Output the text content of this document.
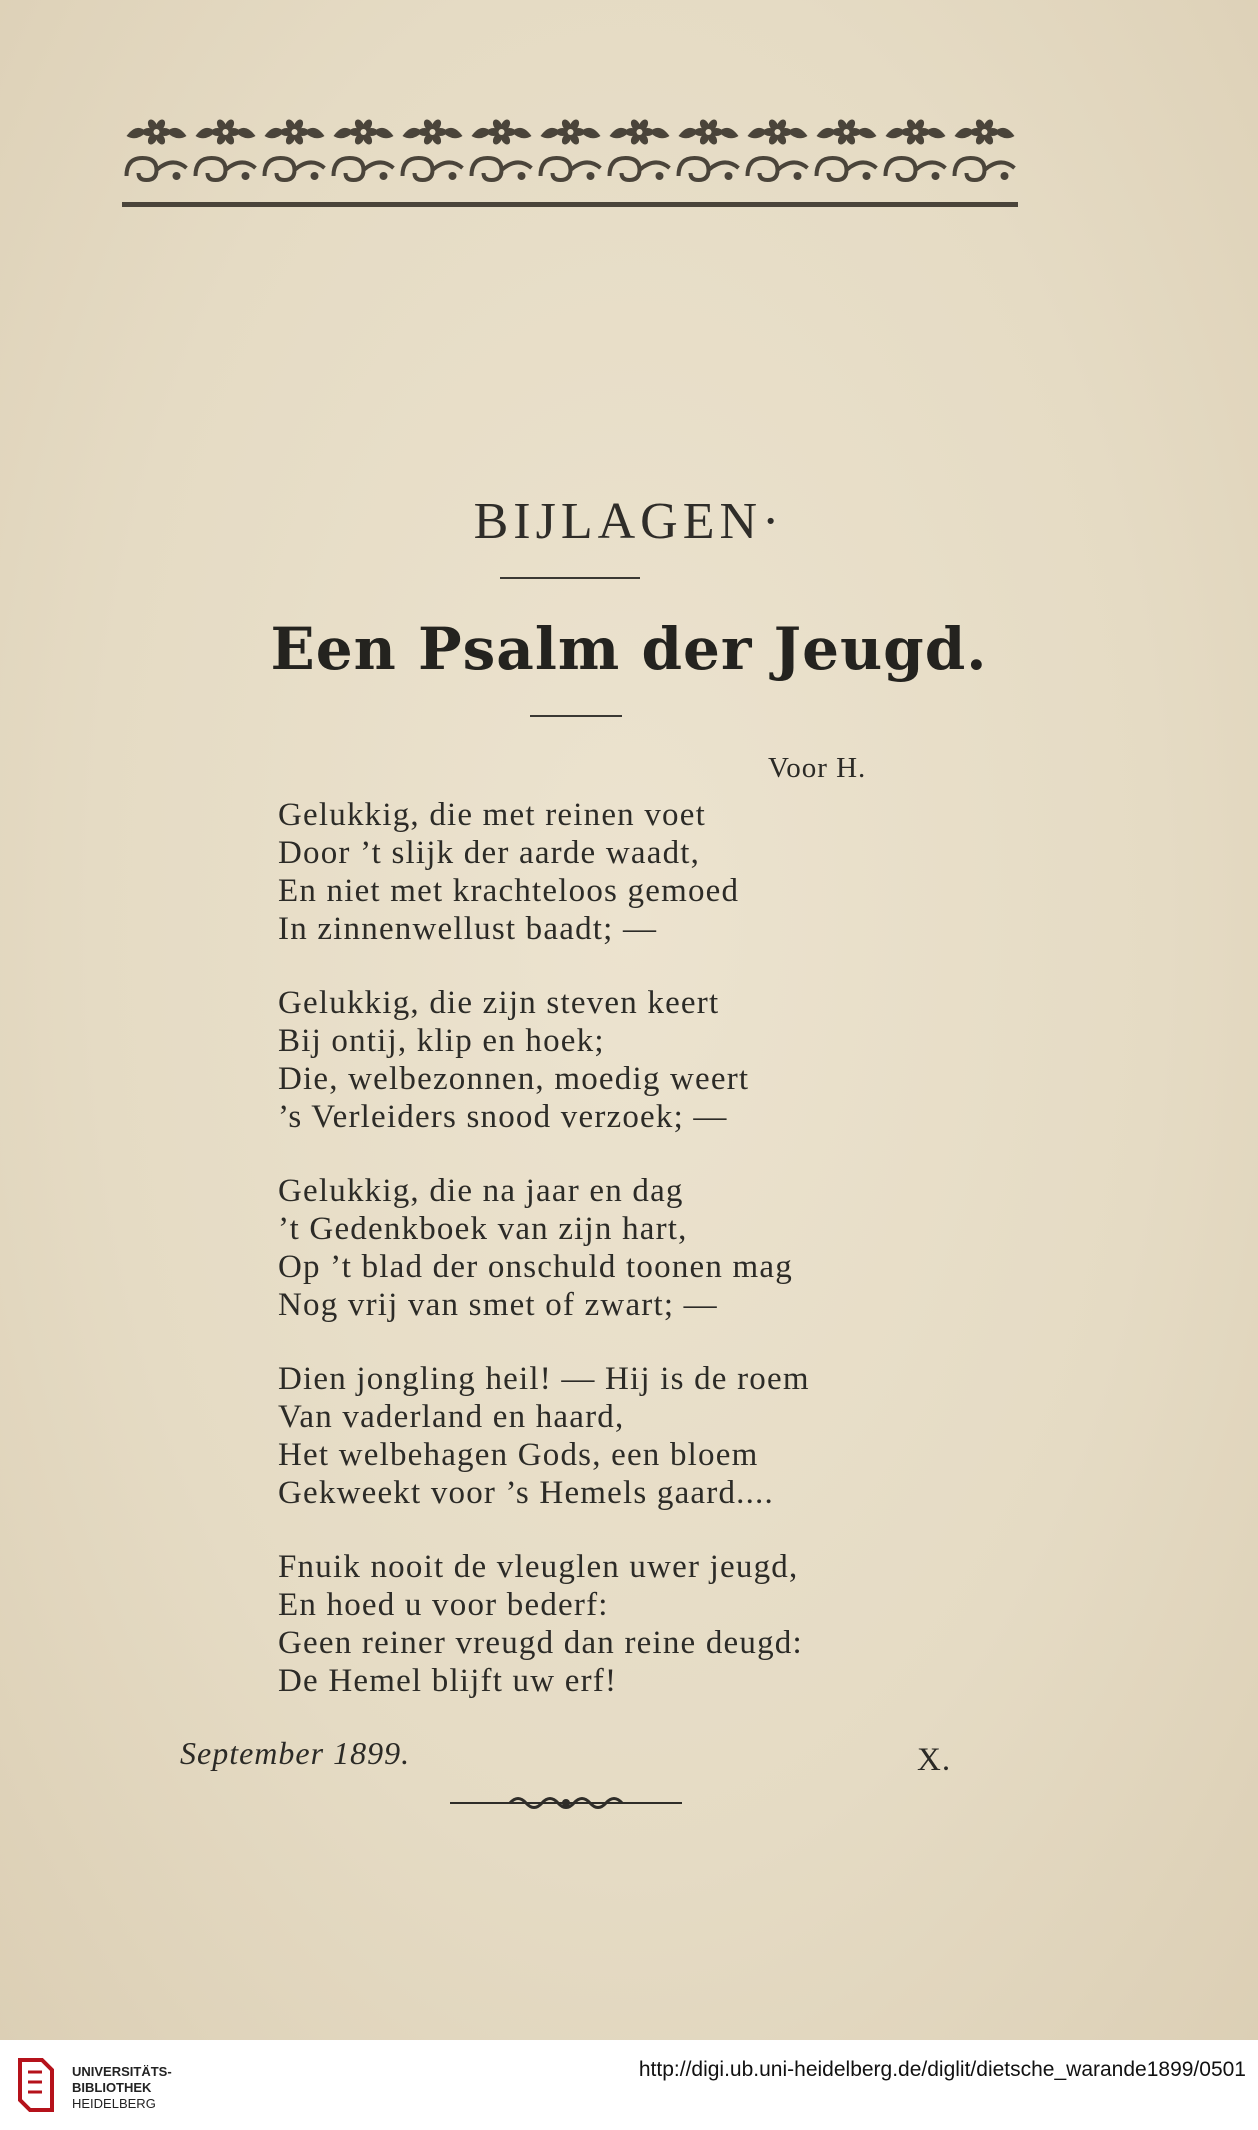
BIJLAGEN·
Een Psalm der Jeugd.
Voor H.

Gelukkig, die met reinen voet
Door ’t slijk der aarde waadt,
En niet met krachteloos gemoed
In zinnenwellust baadt; —

Gelukkig, die zijn steven keert
Bij ontij, klip en hoek;
Die, welbezonnen, moedig weert
’s Verleiders snood verzoek; —

Gelukkig, die na jaar en dag
’t Gedenkboek van zijn hart,
Op ’t blad der onschuld toonen mag
Nog vrij van smet of zwart; —

Dien jongling heil! — Hij is de roem
Van vaderland en haard,
Het welbehagen Gods, een bloem
Gekweekt voor ’s Hemels gaard....

Fnuik nooit de vleuglen uwer jeugd,
En hoed u voor bederf:
Geen reiner vreugd dan reine deugd:
De Hemel blijft uw erf!

September 1899.	X.
UNIVERSITÄTS-
BIBLIOTHEK
HEIDELBERG
http://digi.ub.uni-heidelberg.de/diglit/dietsche_warande1899/0501
